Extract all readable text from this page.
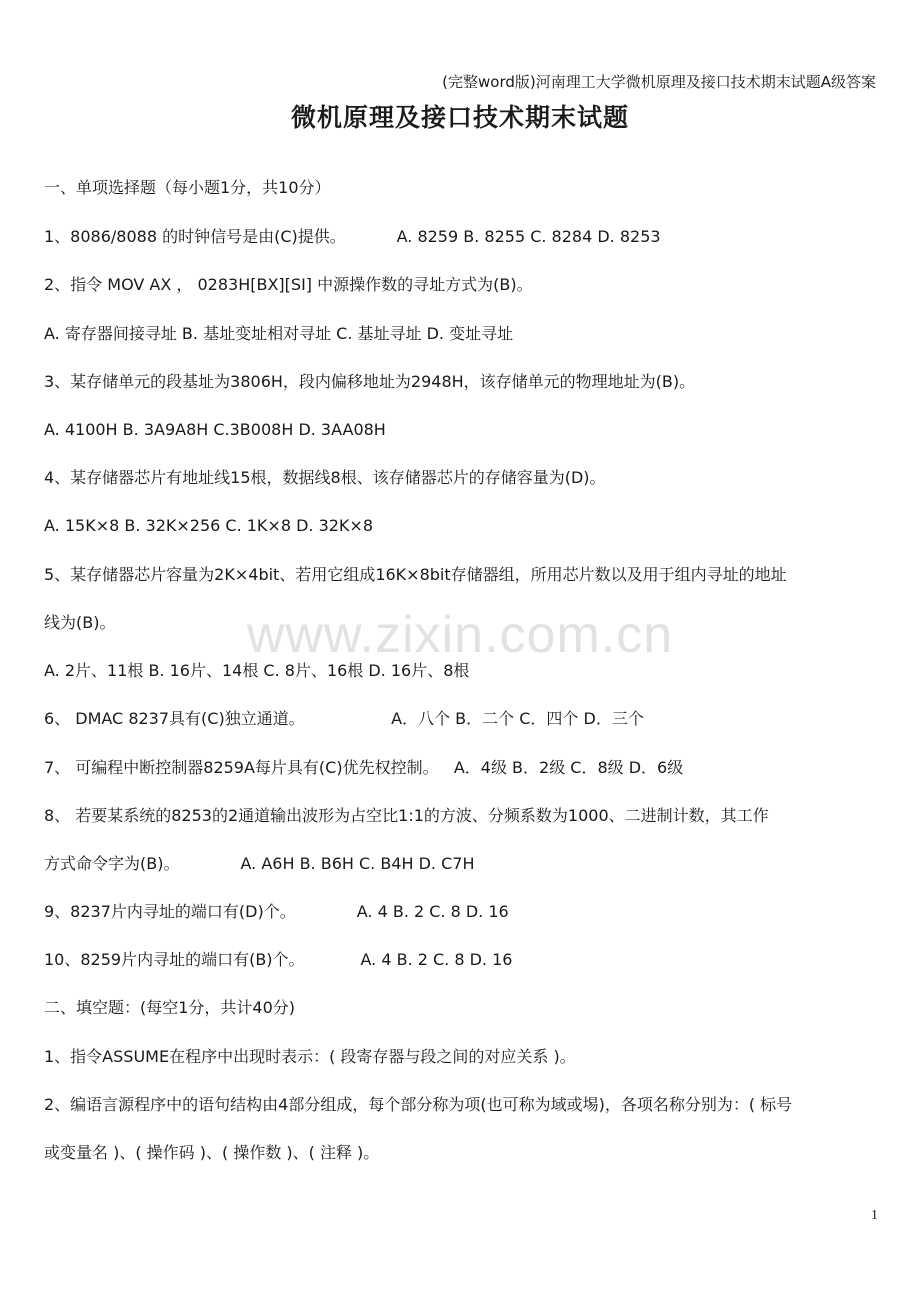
(完整word版)河南理工大学微机原理及接口技术期末试题A级答案
微机原理及接口技术期末试题
一、单项选择题（每小题1分，共10分）
1、8086/8088 的时钟信号是由(C)提供。          A. 8259 B. 8255 C. 8284 D. 8253
2、指令 MOV AX ， 0283H[BX][SI] 中源操作数的寻址方式为(B)。
A. 寄存器间接寻址 B. 基址变址相对寻址 C. 基址寻址 D. 变址寻址
3、某存储单元的段基址为3806H，段内偏移地址为2948H，该存储单元的物理地址为(B)。
A. 4100H B. 3A9A8H C.3B008H D. 3AA08H
4、某存储器芯片有地址线15根，数据线8根、该存储器芯片的存储容量为(D)。
A. 15K×8 B. 32K×256 C. 1K×8 D. 32K×8
5、某存储器芯片容量为2K×4bit、若用它组成16K×8bit存储器组，所用芯片数以及用于组内寻址的地址
线为(B)。
A. 2片、11根 B. 16片、14根 C. 8片、16根 D. 16片、8根
6、 DMAC 8237具有(C)独立通道。                 A．八个 B．二个 C．四个 D．三个
7、 可编程中断控制器8259A每片具有(C)优先权控制。   A．4级 B．2级 C．8级 D．6级
8、 若要某系统的8253的2通道输出波形为占空比1:1的方波、分频系数为1000、二进制计数，其工作
方式命令字为(B)。            A. A6H B. B6H C. B4H D. C7H
9、8237片内寻址的端口有(D)个。            A. 4 B. 2 C. 8 D. 16
10、8259片内寻址的端口有(B)个。           A. 4 B. 2 C. 8 D. 16
二、填空题：(每空1分，共计40分)
1、指令ASSUME在程序中出现时表示：( 段寄存器与段之间的对应关系 )。
2、编语言源程序中的语句结构由4部分组成，每个部分称为项(也可称为域或埸)，各项名称分别为：( 标号
或变量名 )、( 操作码 )、( 操作数 )、( 注释 )。
www.zixin.com.cn
1
